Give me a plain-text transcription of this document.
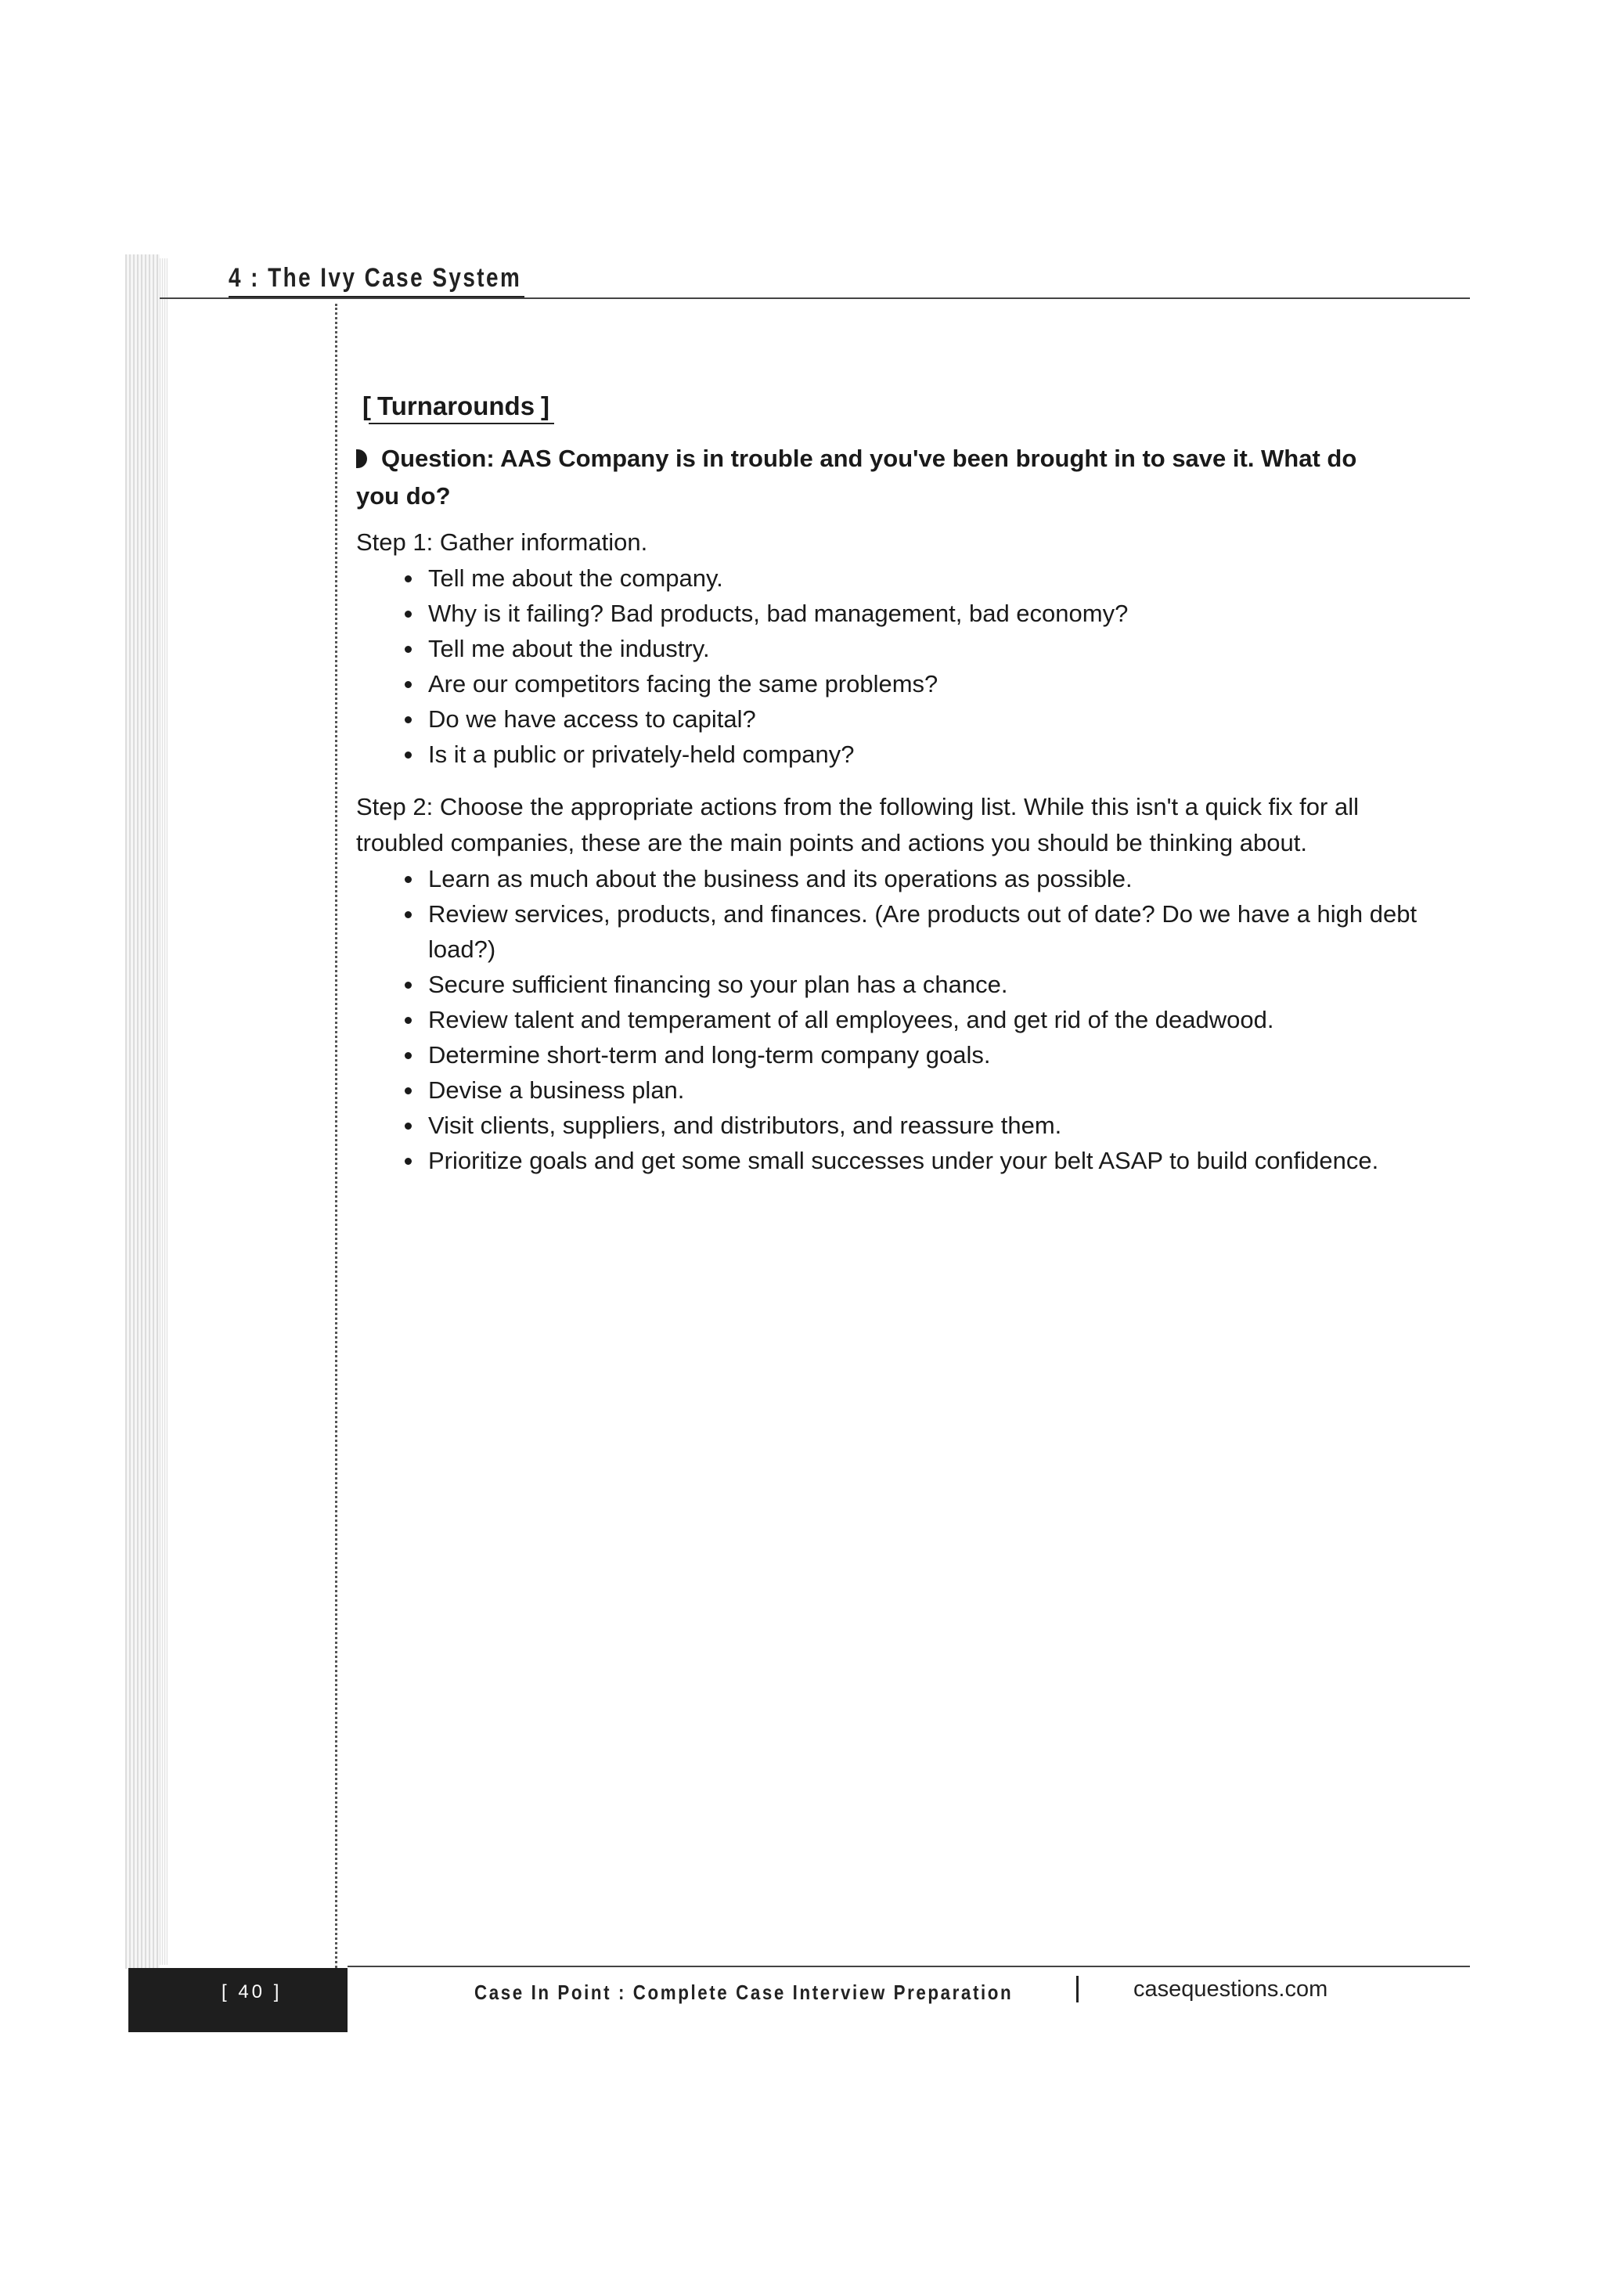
4 : The Ivy Case System
[ Turnarounds ]
Question: AAS Company is in trouble and you've been brought in to save it. What do you do?
Step 1: Gather information.
Tell me about the company.
Why is it failing? Bad products, bad management, bad economy?
Tell me about the industry.
Are our competitors facing the same problems?
Do we have access to capital?
Is it a public or privately-held company?
Step 2: Choose the appropriate actions from the following list. While this isn't a quick fix for all troubled companies, these are the main points and actions you should be thinking about.
Learn as much about the business and its operations as possible.
Review services, products, and finances. (Are products out of date? Do we have a high debt load?)
Secure sufficient financing so your plan has a chance.
Review talent and temperament of all employees, and get rid of the deadwood.
Determine short-term and long-term company goals.
Devise a business plan.
Visit clients, suppliers, and distributors, and reassure them.
Prioritize goals and get some small successes under your belt ASAP to build confidence.
[ 40 ]	Case In Point : Complete Case Interview Preparation	casequestions.com
